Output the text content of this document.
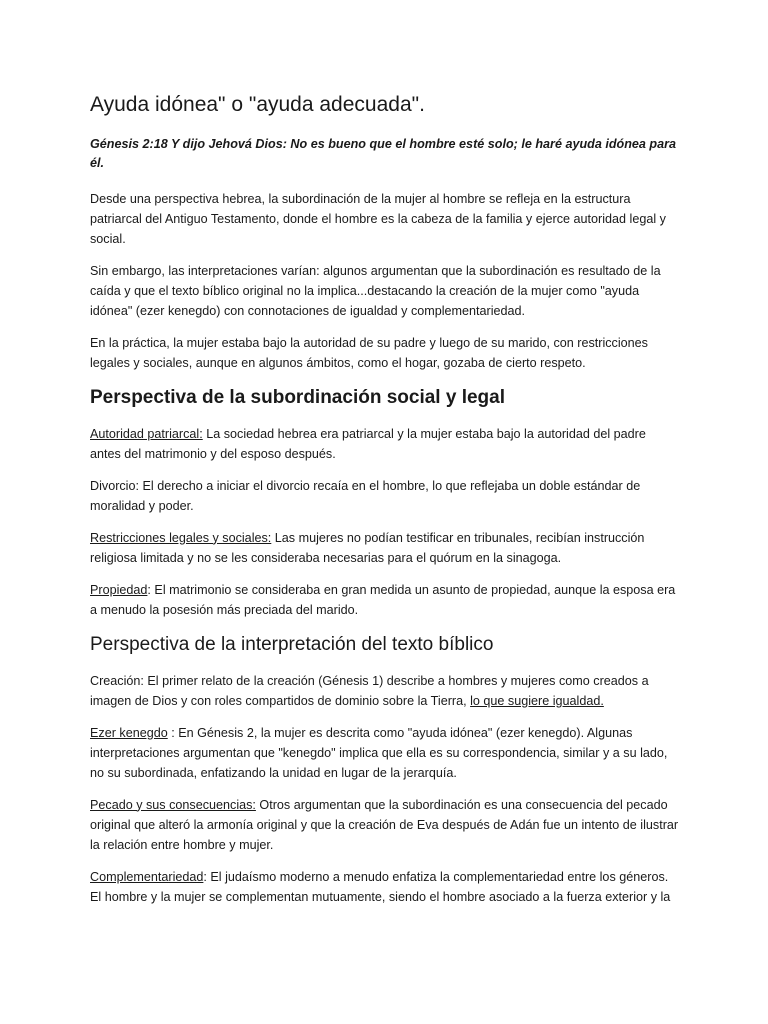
Ayuda idónea" o "ayuda adecuada".
Génesis 2:18 Y dijo Jehová Dios: No es bueno que el hombre esté solo; le haré ayuda idónea para él.

Desde una perspectiva hebrea, la subordinación de la mujer al hombre se refleja en la estructura patriarcal del Antiguo Testamento, donde el hombre es la cabeza de la familia y ejerce autoridad legal y social.

Sin embargo, las interpretaciones varían: algunos argumentan que la subordinación es resultado de la caída y que el texto bíblico original no la implica...destacando la creación de la mujer como "ayuda idónea" (ezer kenegdo) con connotaciones de igualdad y complementariedad.

En la práctica, la mujer estaba bajo la autoridad de su padre y luego de su marido, con restricciones legales y sociales, aunque en algunos ámbitos, como el hogar, gozaba de cierto respeto.

Perspectiva de la subordinación social y legal

Autoridad patriarcal: La sociedad hebrea era patriarcal y la mujer estaba bajo la autoridad del padre antes del matrimonio y del esposo después.

Divorcio: El derecho a iniciar el divorcio recaía en el hombre, lo que reflejaba un doble estándar de moralidad y poder.

Restricciones legales y sociales: Las mujeres no podían testificar en tribunales, recibían instrucción religiosa limitada y no se les consideraba necesarias para el quórum en la sinagoga.

Propiedad: El matrimonio se consideraba en gran medida un asunto de propiedad, aunque la esposa era a menudo la posesión más preciada del marido.

Perspectiva de la interpretación del texto bíblico

Creación: El primer relato de la creación (Génesis 1) describe a hombres y mujeres como creados a imagen de Dios y con roles compartidos de dominio sobre la Tierra, lo que sugiere igualdad.

Ezer kenegdo : En Génesis 2, la mujer es descrita como "ayuda idónea" (ezer kenegdo). Algunas interpretaciones argumentan que "kenegdo" implica que ella es su correspondencia, similar y a su lado, no su subordinada, enfatizando la unidad en lugar de la jerarquía.

Pecado y sus consecuencias: Otros argumentan que la subordinación es una consecuencia del pecado original que alteró la armonía original y que la creación de Eva después de Adán fue un intento de ilustrar la relación entre hombre y mujer.

Complementariedad: El judaísmo moderno a menudo enfatiza la complementariedad entre los géneros. El hombre y la mujer se complementan mutuamente, siendo el hombre asociado a la fuerza exterior y la
